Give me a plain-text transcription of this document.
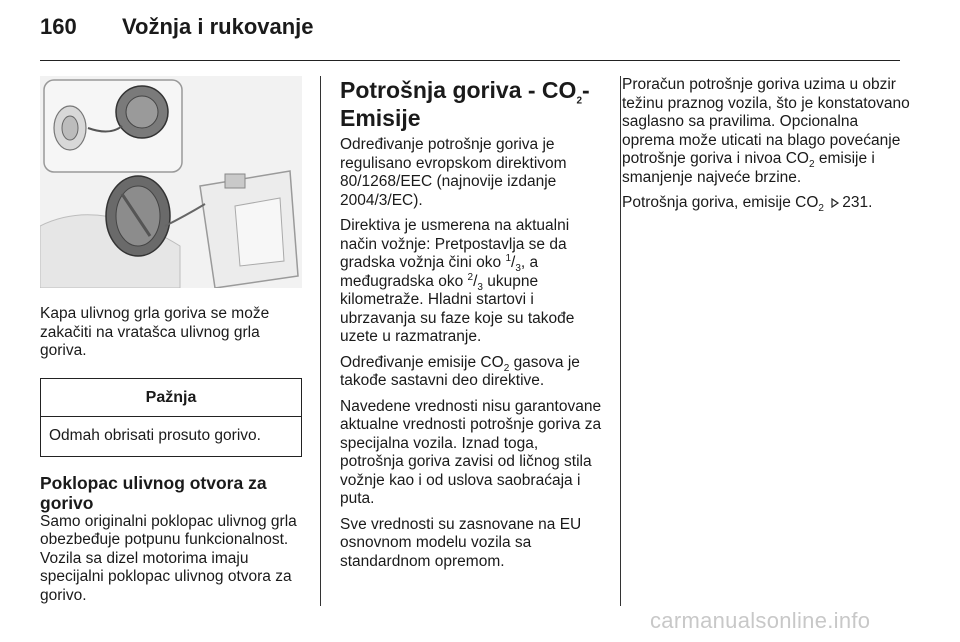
160 Vožnja i rukovanje

Kapa ulivnog grla goriva se može zakačiti na vratašca ulivnog grla goriva.

Pažnja
Odmah obrisati prosuto gorivo.
Poklopac ulivnog otvora za gorivo

Samo originalni poklopac ulivnog grla obezbeđuje potpunu funkcionalnost. Vozila sa dizel motorima imaju specijalni poklopac ulivnog otvora za gorivo.

Potrošnja goriva - $CO_2-$
Emisije

Određivanje potrošnje goriva je regulisano evropskom direktivom 80/1268/EEC (najnovije izdanje 2004/3/EC).

Direktiva je usmerena na aktualni način vožnje: Pretpostavlja se da gradska vožnja čini oko $^1/_3$, a međugradska oko $^2/_3$ ukupne kilometraže. Hladni startovi i ubrzavanja su faze koje su takođe uzete u razmatranje.

Određivanje emisije $CO_2$ gasova je takođe sastavni deo direktive.

Navedene vrednosti nisu garantovane aktualne vrednosti potrošnje goriva za specijalna vozila. Iznad toga, potrošnja goriva zavisi od ličnog stila vožnje kao i od uslova saobraćaja i puta.

Sve vrednosti su zasnovane na EU osnovnom modelu vozila sa standardnom opremom.

Proračun potrošnje goriva uzima u obzir težinu praznog vozila, što je konstatovano saglasno sa pravilima. Opcionalna oprema može uticati na blago povećanje potrošnje goriva i nivoa $CO_2$ emisije i smanjenje najveće brzine.

Potrošnja goriva, emisije $CO_2$ 231.

carmanualsonline.info
